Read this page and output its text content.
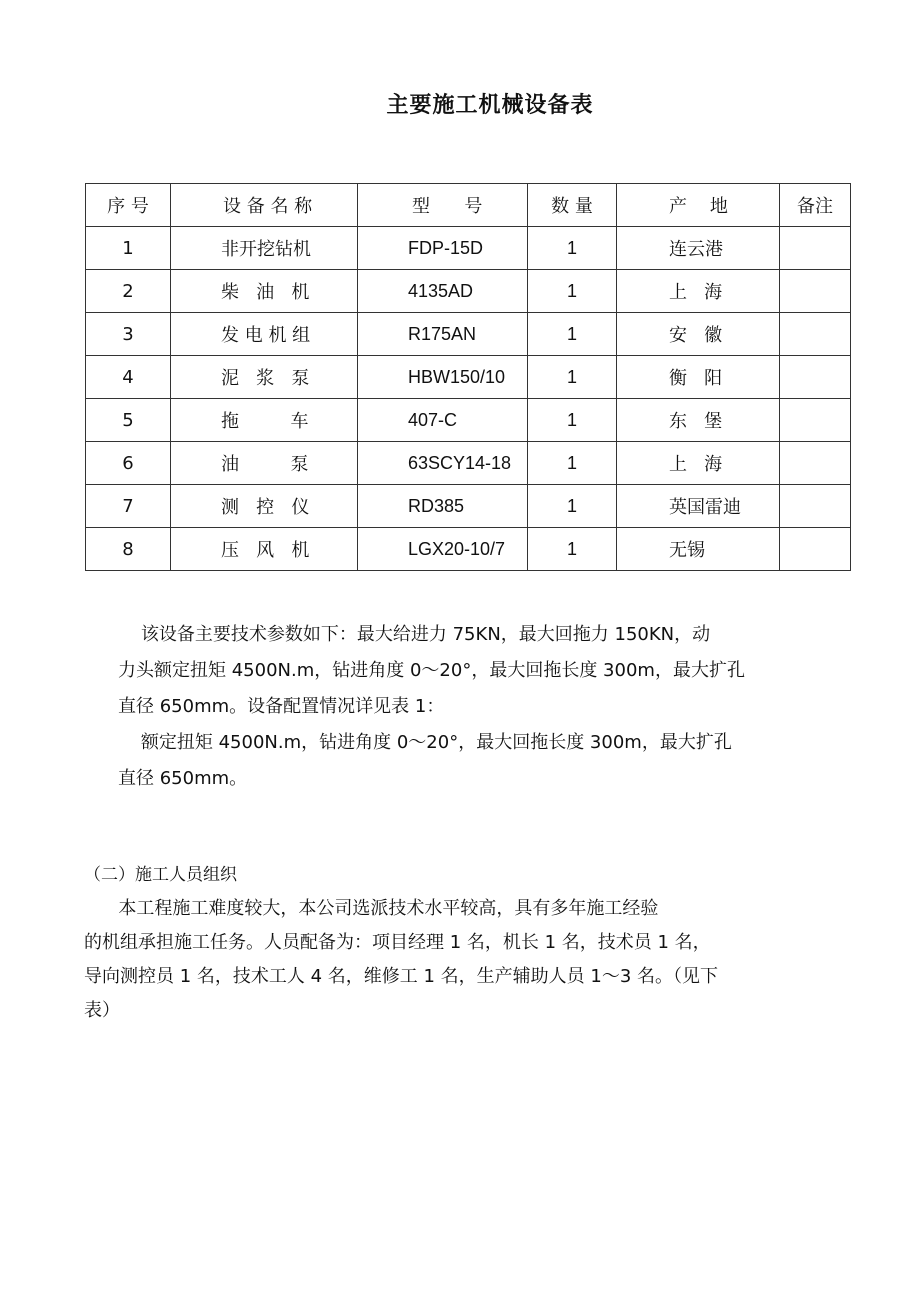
主要施工机械设备表
序 号	设 备 名 称	型      号	数 量	产    地	备注
1	非开挖钻机	FDP-15D	1	连云港	
2	柴   油   机	4135AD	1	上   海	
3	发 电 机 组	R175AN	1	安   徽	
4	泥   浆   泵	HBW150/10	1	衡   阳	
5	拖         车	407-C	1	东   堡	
6	油         泵	63SCY14-18	1	上   海	
7	测   控   仪	RD385	1	英国雷迪	
8	压   风   机	LGX20-10/7	1	无锡	
该设备主要技术参数如下：最大给进力 75KN，最大回拖力 150KN，动
力头额定扭矩 4500N.m，钻进角度 0～20°，最大回拖长度 300m，最大扩孔
直径 650mm。设备配置情况详见表 1：
额定扭矩 4500N.m，钻进角度 0～20°，最大回拖长度 300m，最大扩孔
直径 650mm。
（二）施工人员组织
本工程施工难度较大，本公司选派技术水平较高，具有多年施工经验
的机组承担施工任务。人员配备为：项目经理 1 名，机长 1 名，技术员 1 名，
导向测控员 1 名，技术工人 4 名，维修工 1 名，生产辅助人员 1～3 名。（见下
表）
